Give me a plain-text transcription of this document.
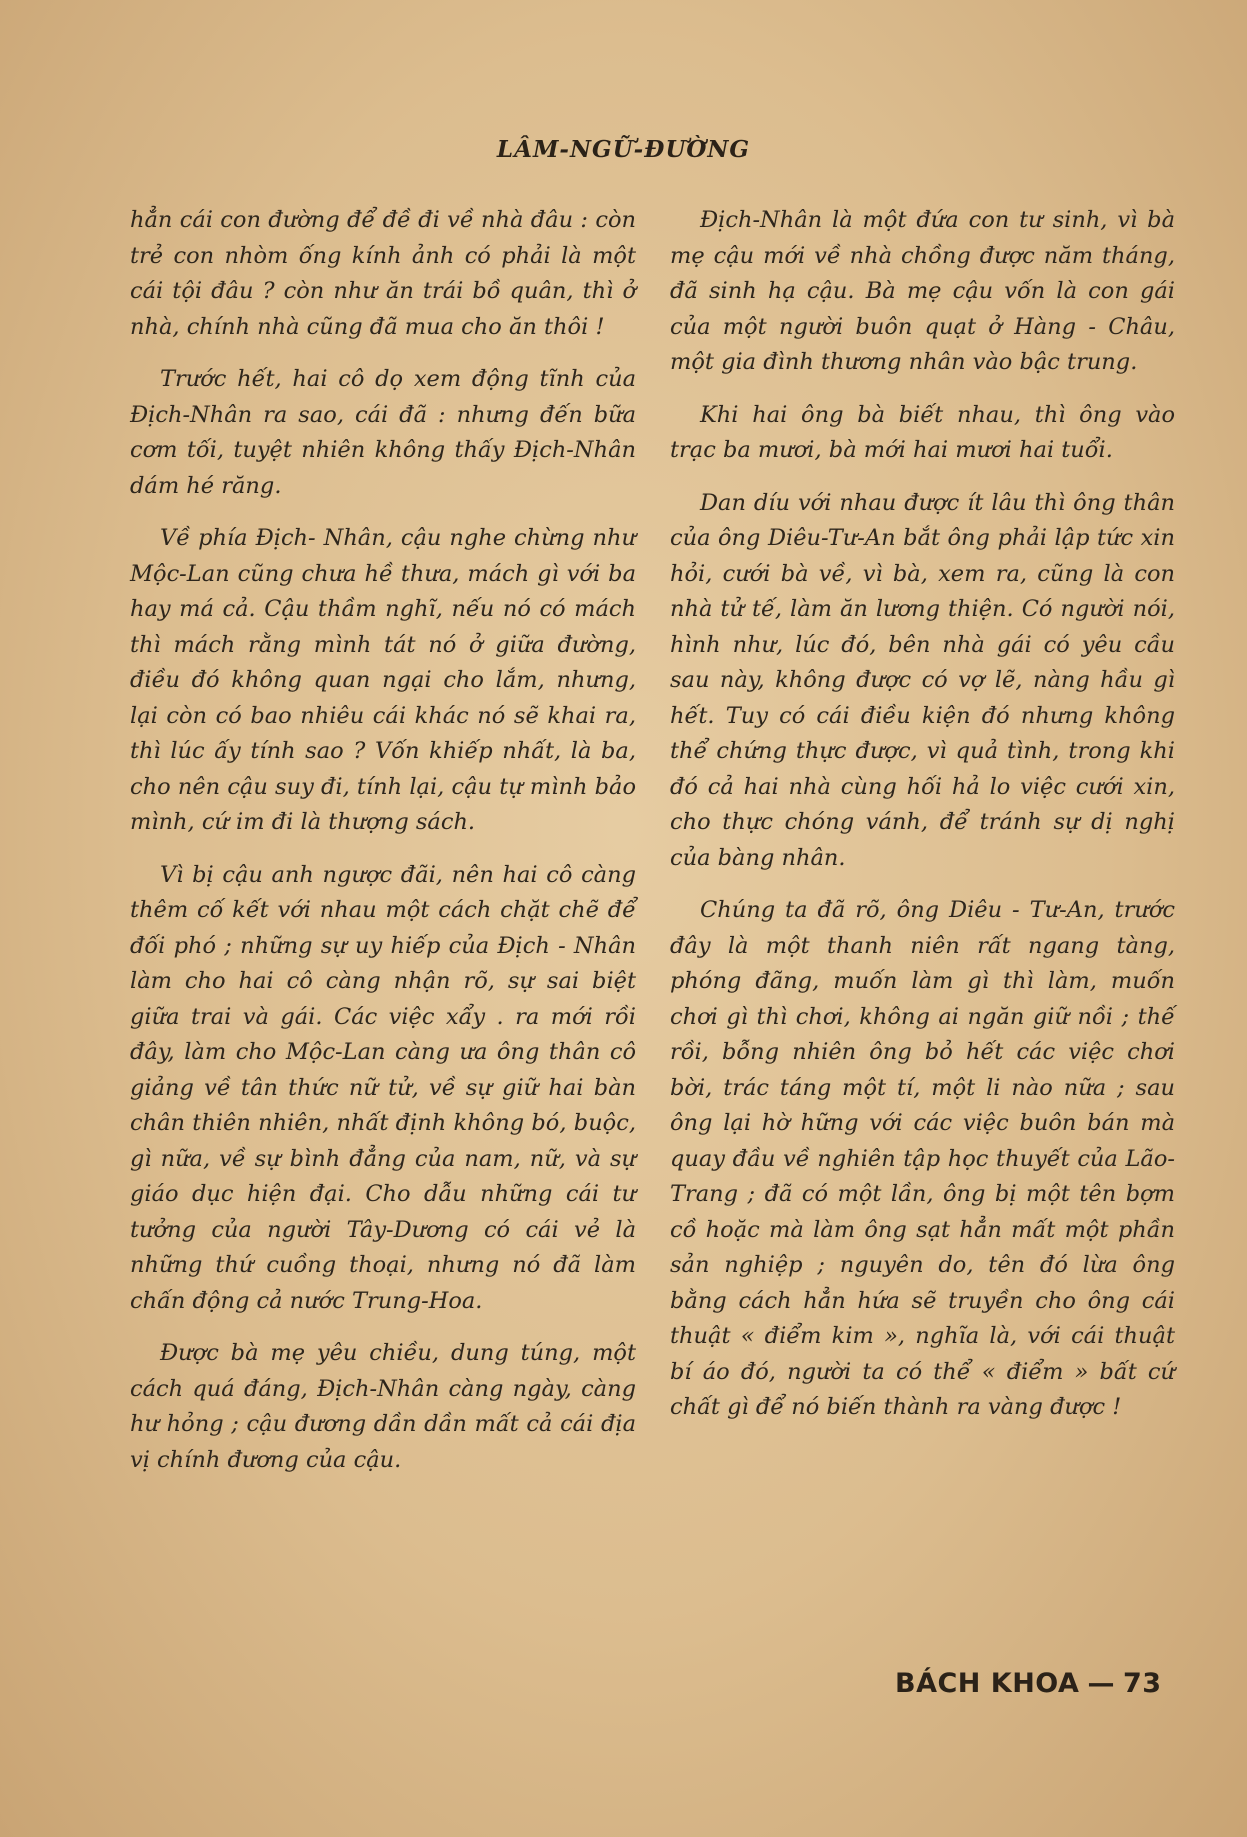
LÂM-NGỮ-ĐƯỜNG

hẳn cái con đường để đề đi về nhà đâu : còn trẻ con nhòm ống kính ảnh có phải là một cái tội đâu ? còn như ăn trái bồ quân, thì ở nhà, chính nhà cũng đã mua cho ăn thôi !

Trước hết, hai cô dọ xem động tĩnh của Địch-Nhân ra sao, cái đã : nhưng đến bữa cơm tối, tuyệt nhiên không thấy Địch-Nhân dám hé răng.

Về phía Địch- Nhân, cậu nghe chừng như Mộc-Lan cũng chưa hề thưa, mách gì với ba hay má cả. Cậu thầm nghĩ, nếu nó có mách thì mách rằng mình tát nó ở giữa đường, điều đó không quan ngại cho lắm, nhưng, lại còn có bao nhiêu cái khác nó sẽ khai ra, thì lúc ấy tính sao ? Vốn khiếp nhất, là ba, cho nên cậu suy đi, tính lại, cậu tự mình bảo mình, cứ im đi là thượng sách.

Vì bị cậu anh ngược đãi, nên hai cô càng thêm cố kết với nhau một cách chặt chẽ để đối phó ; những sự uy hiếp của Địch - Nhân làm cho hai cô càng nhận rõ, sự sai biệt giữa trai và gái. Các việc xẩy . ra mới rồi đây, làm cho Mộc-Lan càng ưa ông thân cô giảng về tân thức nữ tử, về sự giữ hai bàn chân thiên nhiên, nhất định không bó, buộc, gì nữa, về sự bình đẳng của nam, nữ, và sự giáo dục hiện đại. Cho dẫu những cái tư tưởng của người Tây-Dương có cái vẻ là những thứ cuồng thoại, nhưng nó đã làm chấn động cả nước Trung-Hoa.

Được bà mẹ yêu chiều, dung túng, một cách quá đáng, Địch-Nhân càng ngày, càng hư hỏng ; cậu đương dần dần mất cả cái địa vị chính đương của cậu.

Địch-Nhân là một đứa con tư sinh, vì bà mẹ cậu mới về nhà chồng được năm tháng, đã sinh hạ cậu. Bà mẹ cậu vốn là con gái của một người buôn quạt ở Hàng - Châu, một gia đình thương nhân vào bậc trung.

Khi hai ông bà biết nhau, thì ông vào trạc ba mươi, bà mới hai mươi hai tuổi.

Dan díu với nhau được ít lâu thì ông thân của ông Diêu-Tư-An bắt ông phải lập tức xin hỏi, cưới bà về, vì bà, xem ra, cũng là con nhà tử tế, làm ăn lương thiện. Có người nói, hình như, lúc đó, bên nhà gái có yêu cầu sau này, không được có vợ lẽ, nàng hầu gì hết. Tuy có cái điều kiện đó nhưng không thể chứng thực được, vì quả tình, trong khi đó cả hai nhà cùng hối hả lo việc cưới xin, cho thực chóng vánh, để tránh sự dị nghị của bàng nhân.

Chúng ta đã rõ, ông Diêu - Tư-An, trước đây là một thanh niên rất ngang tàng, phóng đãng, muốn làm gì thì làm, muốn chơi gì thì chơi, không ai ngăn giữ nồi ; thế rồi, bỗng nhiên ông bỏ hết các việc chơi bời, trác táng một tí, một li nào nữa ; sau ông lại hờ hững với các việc buôn bán mà quay đầu về nghiên tập học thuyết của Lão-Trang ; đã có một lần, ông bị một tên bợm cồ hoặc mà làm ông sạt hẳn mất một phần sản nghiệp ; nguyên do, tên đó lừa ông bằng cách hẳn hứa sẽ truyền cho ông cái thuật « điểm kim », nghĩa là, với cái thuật bí áo đó, người ta có thể « điểm » bất cứ chất gì để nó biến thành ra vàng được !

BÁCH KHOA — 73
